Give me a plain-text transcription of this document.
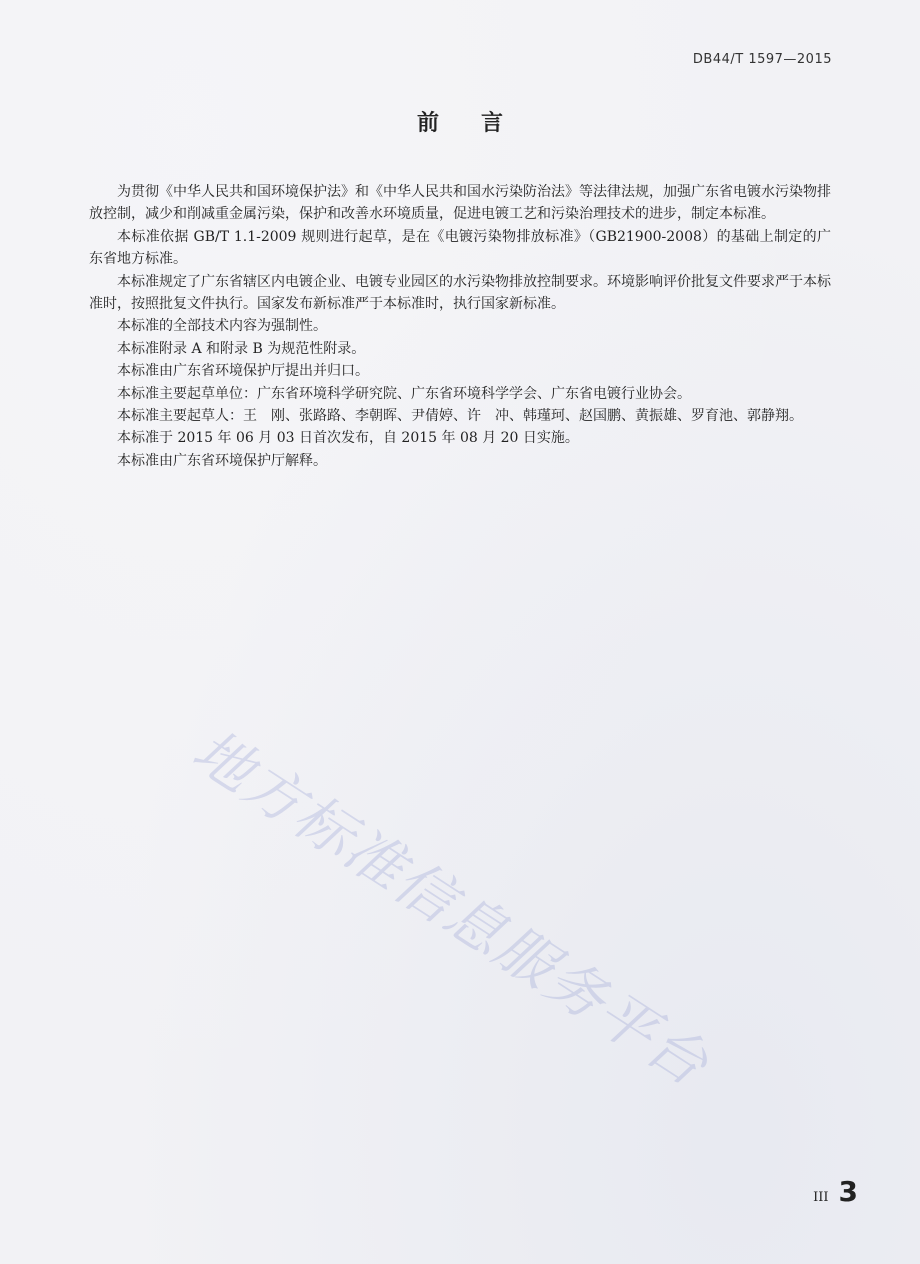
DB44/T 1597—2015
前言

为贯彻《中华人民共和国环境保护法》和《中华人民共和国水污染防治法》等法律法规，加强广东省电镀水污染物排放控制，减少和削减重金属污染，保护和改善水环境质量，促进电镀工艺和污染治理技术的进步，制定本标准。

本标准依据 GB/T 1.1-2009 规则进行起草，是在《电镀污染物排放标准》（GB21900-2008）的基础上制定的广东省地方标准。

本标准规定了广东省辖区内电镀企业、电镀专业园区的水污染物排放控制要求。环境影响评价批复文件要求严于本标准时，按照批复文件执行。国家发布新标准严于本标准时，执行国家新标准。

本标准的全部技术内容为强制性。

本标准附录 A 和附录 B 为规范性附录。

本标准由广东省环境保护厅提出并归口。

本标准主要起草单位：广东省环境科学研究院、广东省环境科学学会、广东省电镀行业协会。

本标准主要起草人：王　刚、张路路、李朝晖、尹倩婷、许　冲、韩瑾珂、赵国鹏、黄振雄、罗育池、郭静翔。

本标准于 2015 年 06 月 03 日首次发布，自 2015 年 08 月 20 日实施。

本标准由广东省环境保护厅解释。

地方标准信息服务平台
III 3
